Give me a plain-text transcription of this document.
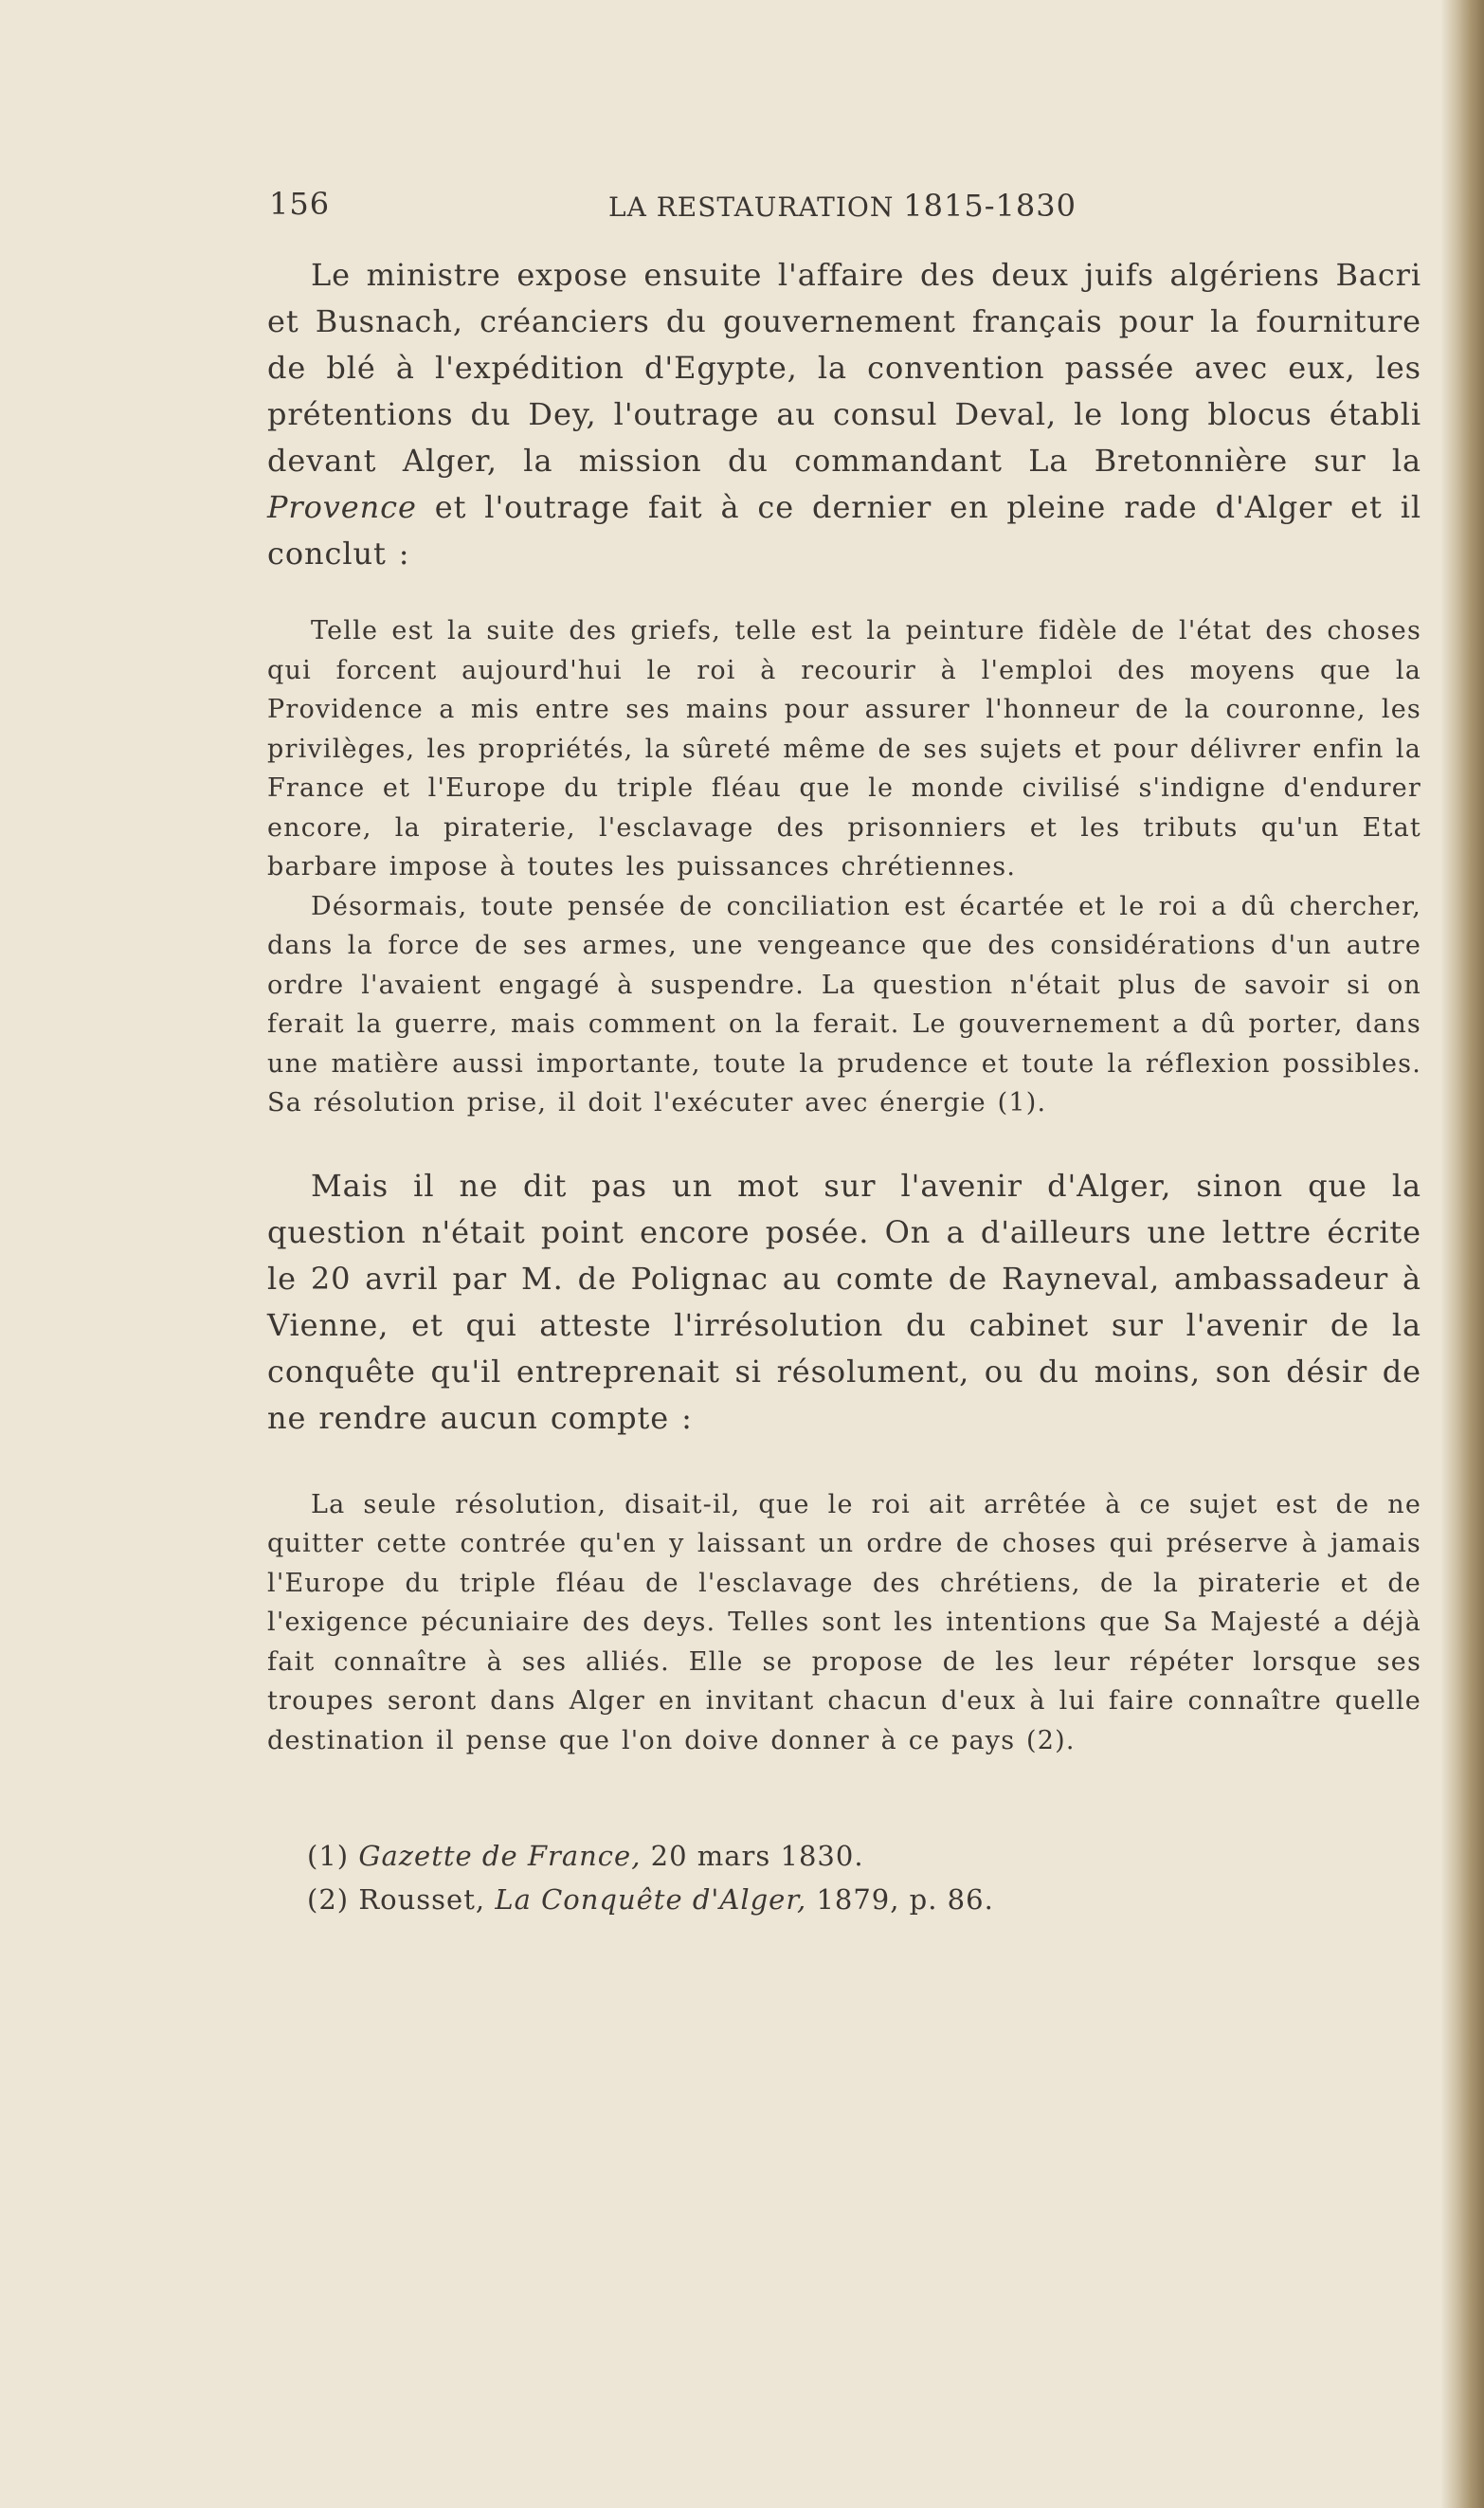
156	LA RESTAURATION 1815-1830

Le ministre expose ensuite l'affaire des deux juifs algériens Bacri et Busnach, créanciers du gouvernement français pour la fourniture de blé à l'expédition d'Egypte, la convention passée avec eux, les prétentions du Dey, l'outrage au consul Deval, le long blocus établi devant Alger, la mission du commandant La Bretonnière sur la Provence et l'outrage fait à ce dernier en pleine rade d'Alger et il conclut :

Telle est la suite des griefs, telle est la peinture fidèle de l'état des choses qui forcent aujourd'hui le roi à recourir à l'emploi des moyens que la Providence a mis entre ses mains pour assurer l'honneur de la couronne, les privilèges, les propriétés, la sûreté même de ses sujets et pour délivrer enfin la France et l'Europe du triple fléau que le monde civilisé s'indigne d'endurer encore, la piraterie, l'esclavage des prisonniers et les tributs qu'un Etat barbare impose à toutes les puissances chrétiennes.

Désormais, toute pensée de conciliation est écartée et le roi a dû chercher, dans la force de ses armes, une vengeance que des considérations d'un autre ordre l'avaient engagé à suspendre. La question n'était plus de savoir si on ferait la guerre, mais comment on la ferait. Le gouvernement a dû porter, dans une matière aussi importante, toute la prudence et toute la réflexion possibles. Sa résolution prise, il doit l'exécuter avec énergie (1).

Mais il ne dit pas un mot sur l'avenir d'Alger, sinon que la question n'était point encore posée. On a d'ailleurs une lettre écrite le 20 avril par M. de Polignac au comte de Rayneval, ambassadeur à Vienne, et qui atteste l'irrésolution du cabinet sur l'avenir de la conquête qu'il entreprenait si résolument, ou du moins, son désir de ne rendre aucun compte :

La seule résolution, disait-il, que le roi ait arrêtée à ce sujet est de ne quitter cette contrée qu'en y laissant un ordre de choses qui préserve à jamais l'Europe du triple fléau de l'esclavage des chrétiens, de la piraterie et de l'exigence pécuniaire des deys. Telles sont les intentions que Sa Majesté a déjà fait connaître à ses alliés. Elle se propose de les leur répéter lorsque ses troupes seront dans Alger en invitant chacun d'eux à lui faire connaître quelle destination il pense que l'on doive donner à ce pays (2).

(1) Gazette de France, 20 mars 1830.
(2) Rousset, La Conquête d'Alger, 1879, p. 86.
